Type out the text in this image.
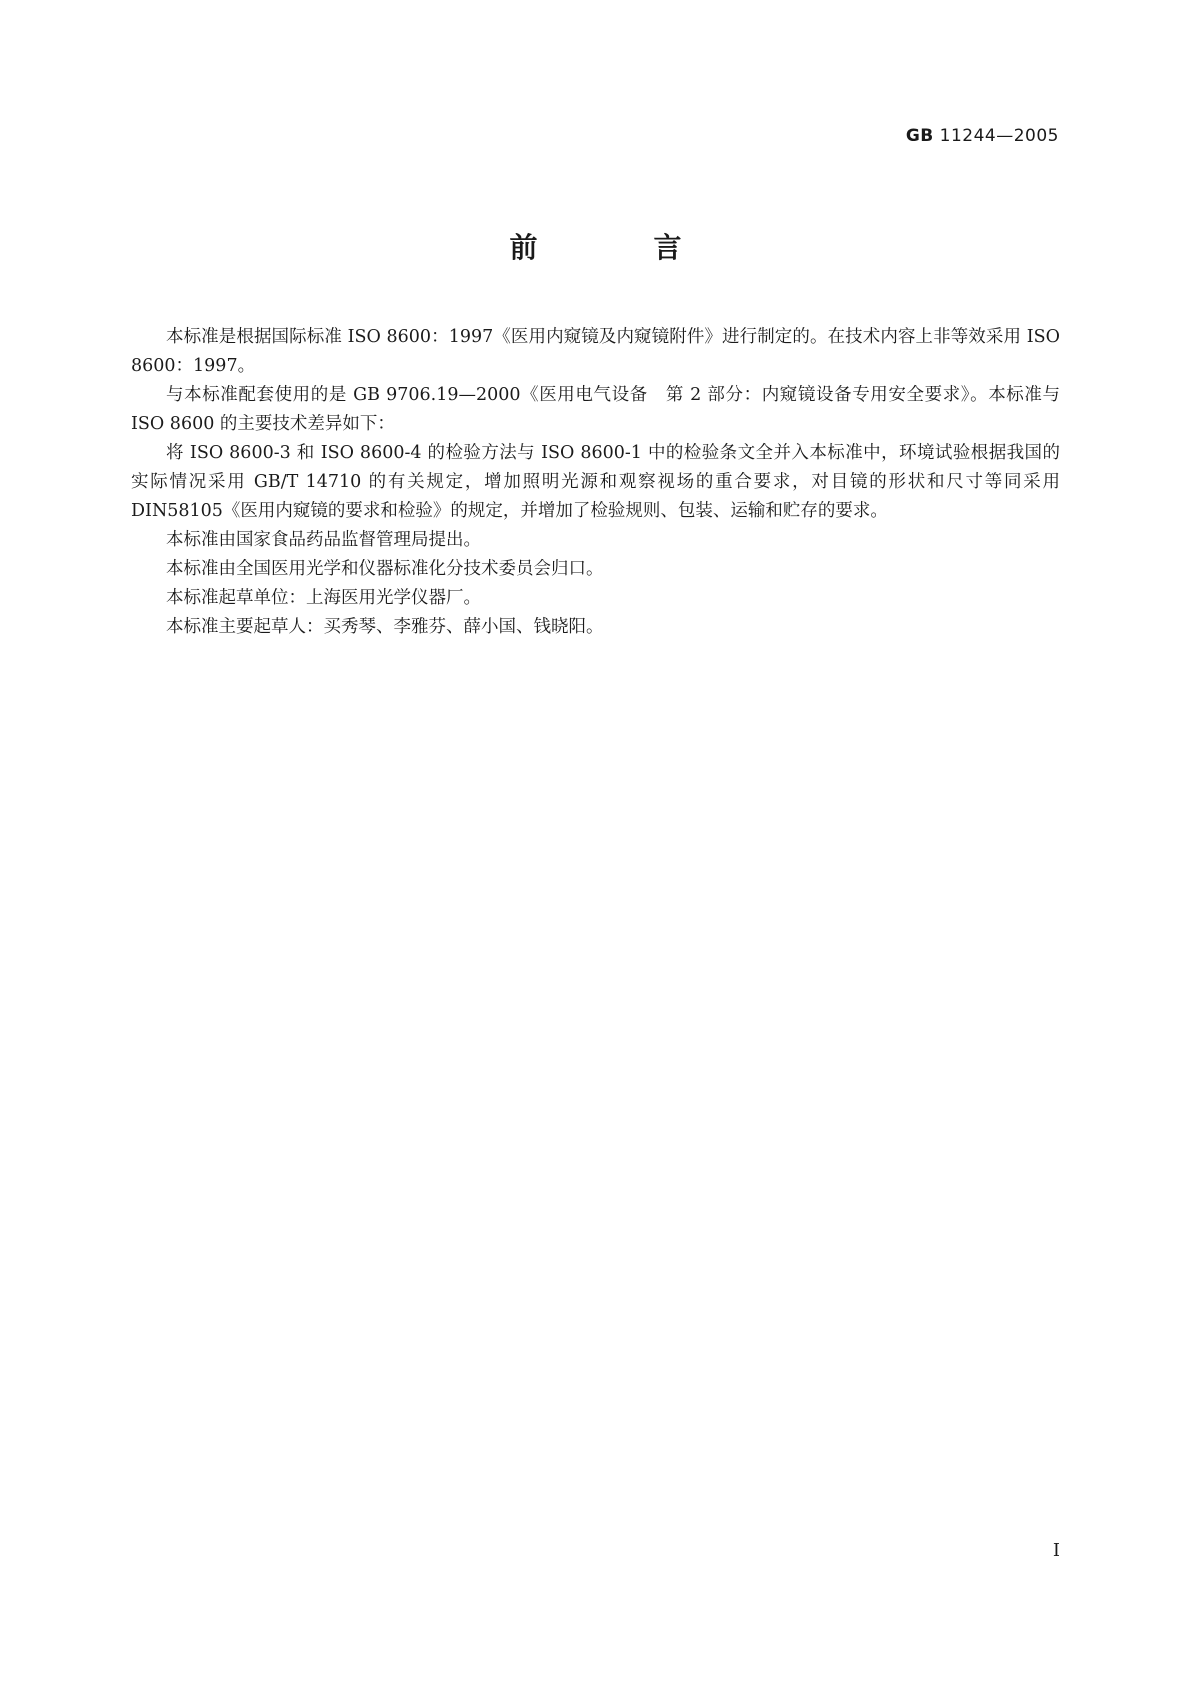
GB 11244—2005
前　言

本标准是根据国际标准 ISO 8600：1997《医用内窥镜及内窥镜附件》进行制定的。在技术内容上非等效采用 ISO 8600：1997。

与本标准配套使用的是 GB 9706.19—2000《医用电气设备　第 2 部分：内窥镜设备专用安全要求》。本标准与 ISO 8600 的主要技术差异如下：

将 ISO 8600-3 和 ISO 8600-4 的检验方法与 ISO 8600-1 中的检验条文全并入本标准中，环境试验根据我国的实际情况采用 GB/T 14710 的有关规定，增加照明光源和观察视场的重合要求，对目镜的形状和尺寸等同采用 DIN58105《医用内窥镜的要求和检验》的规定，并增加了检验规则、包装、运输和贮存的要求。

本标准由国家食品药品监督管理局提出。

本标准由全国医用光学和仪器标准化分技术委员会归口。

本标准起草单位：上海医用光学仪器厂。

本标准主要起草人：买秀琴、李雅芬、薛小国、钱晓阳。

I
